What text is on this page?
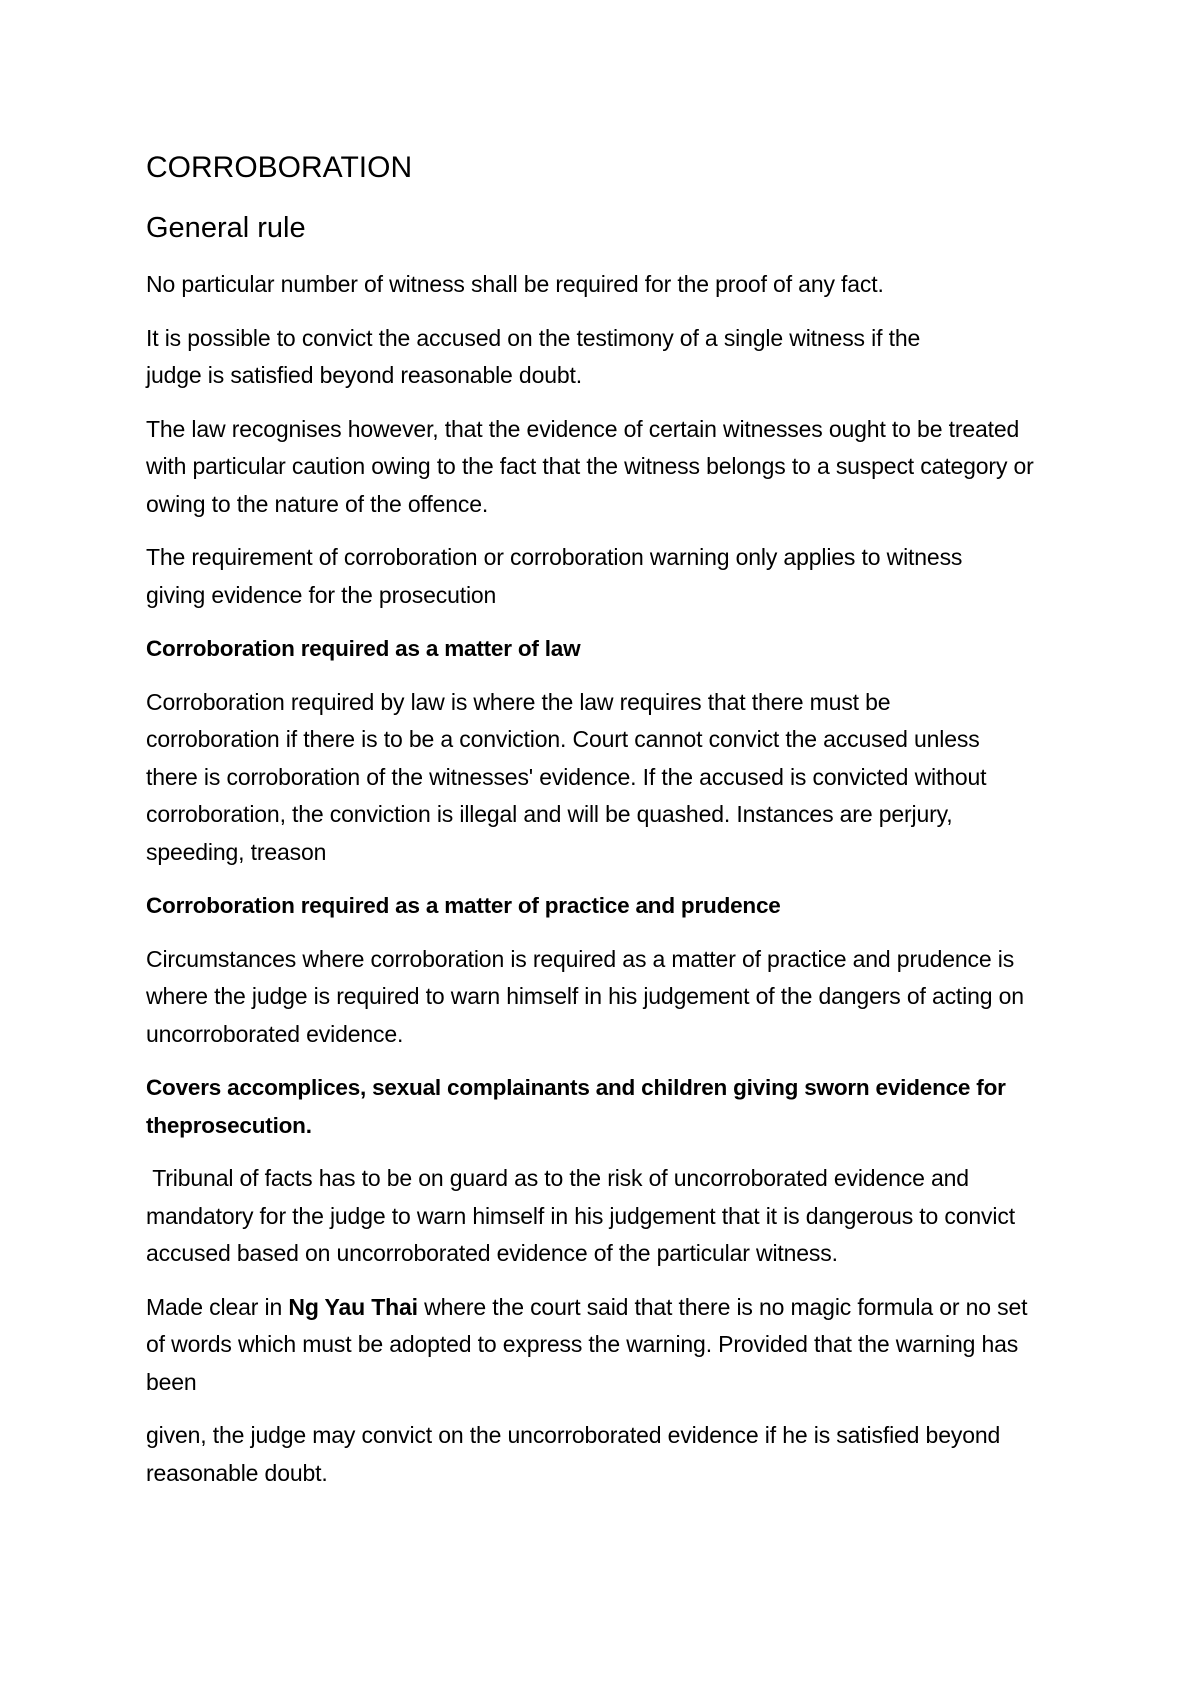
CORROBORATION
General rule

No particular number of witness shall be required for the proof of any fact.

It is possible to convict the accused on the testimony of a single witness if the judge is satisfied beyond reasonable doubt.

The law recognises however, that the evidence of certain witnesses ought to be treated with particular caution owing to the fact that the witness belongs to a suspect category or owing to the nature of the offence.

The requirement of corroboration or corroboration warning only applies to witness giving evidence for the prosecution

Corroboration required as a matter of law

Corroboration required by law is where the law requires that there must be corroboration if there is to be a conviction. Court cannot convict the accused unless there is corroboration of the witnesses' evidence. If the accused is convicted without corroboration, the conviction is illegal and will be quashed. Instances are perjury, speeding, treason

Corroboration required as a matter of practice and prudence

Circumstances where corroboration is required as a matter of practice and prudence is where the judge is required to warn himself in his judgement of the dangers of acting on uncorroborated evidence.

Covers accomplices, sexual complainants and children giving sworn evidence for theprosecution.

Tribunal of facts has to be on guard as to the risk of uncorroborated evidence and mandatory for the judge to warn himself in his judgement that it is dangerous to convict accused based on uncorroborated evidence of the particular witness.

Made clear in Ng Yau Thai where the court said that there is no magic formula or no set of words which must be adopted to express the warning. Provided that the warning has been

given, the judge may convict on the uncorroborated evidence if he is satisfied beyond reasonable doubt.
